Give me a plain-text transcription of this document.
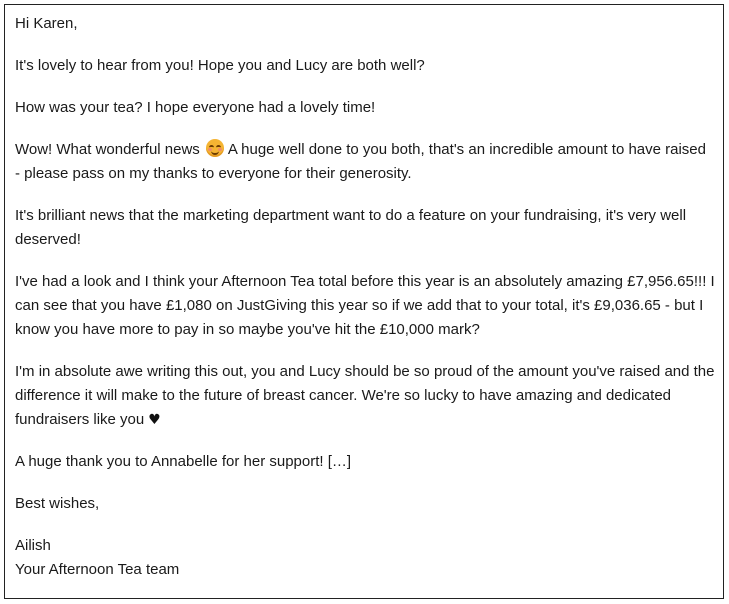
Hi Karen,

It's lovely to hear from you! Hope you and Lucy are both well?

How was your tea? I hope everyone had a lovely time!

Wow! What wonderful news A huge well done to you both, that's an incredible amount to have raised - please pass on my thanks to everyone for their generosity.

It's brilliant news that the marketing department want to do a feature on your fundraising, it's very well deserved!

I've had a look and I think your Afternoon Tea total before this year is an absolutely amazing £7,956.65!!! I can see that you have £1,080 on JustGiving this year so if we add that to your total, it's £9,036.65 - but I know you have more to pay in so maybe you've hit the £10,000 mark?

I'm in absolute awe writing this out, you and Lucy should be so proud of the amount you've raised and the difference it will make to the future of breast cancer. We're so lucky to have amazing and dedicated fundraisers like you ♥

A huge thank you to Annabelle for her support! […]

Best wishes,

Ailish

Your Afternoon Tea team
